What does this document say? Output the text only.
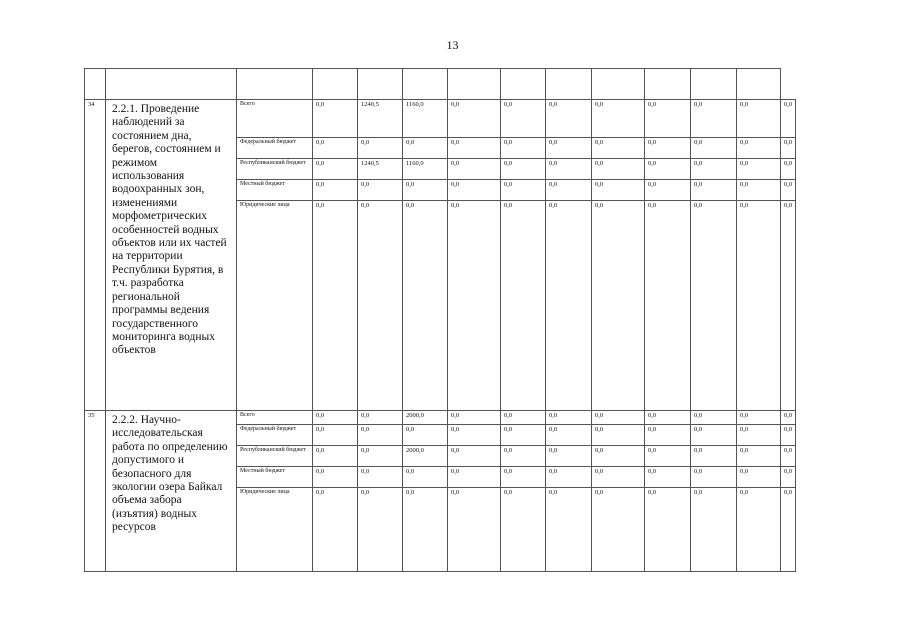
13

34	2.2.1. Проведение наблюдений за состоянием дна, берегов, состоянием и режимом использования водоохранных зон, изменениями морфометрических особенностей водных объектов или их частей на территории Республики Бурятия, в т.ч. разработка региональной программы ведения государственного мониторинга водных объектов	Всего	0,0	1240,5	1160,0	0,0	0,0	0,0	0,0	0,0	0,0	0,0	0,0
		Федеральный бюджет	0,0	0,0	0,0	0,0	0,0	0,0	0,0	0,0	0,0	0,0	0,0
		Республиканский бюджет	0,0	1240,5	1160,0	0,0	0,0	0,0	0,0	0,0	0,0	0,0	0,0
		Местный бюджет	0,0	0,0	0,0	0,0	0,0	0,0	0,0	0,0	0,0	0,0	0,0
		Юридические лица	0,0	0,0	0,0	0,0	0,0	0,0	0,0	0,0	0,0	0,0	0,0
35	2.2.2. Научно-исследовательская работа по определению допустимого и безопасного для экологии озера Байкал объема забора (изъятия) водных ресурсов	Всего	0,0	0,0	2000,0	0,0	0,0	0,0	0,0	0,0	0,0	0,0	0,0
		Федеральный бюджет	0,0	0,0	0,0	0,0	0,0	0,0	0,0	0,0	0,0	0,0	0,0
		Республиканский бюджет	0,0	0,0	2000,0	0,0	0,0	0,0	0,0	0,0	0,0	0,0	0,0
		Местный бюджет	0,0	0,0	0,0	0,0	0,0	0,0	0,0	0,0	0,0	0,0	0,0
		Юридические лица	0,0	0,0	0,0	0,0	0,0	0,0	0,0	0,0	0,0	0,0	0,0
